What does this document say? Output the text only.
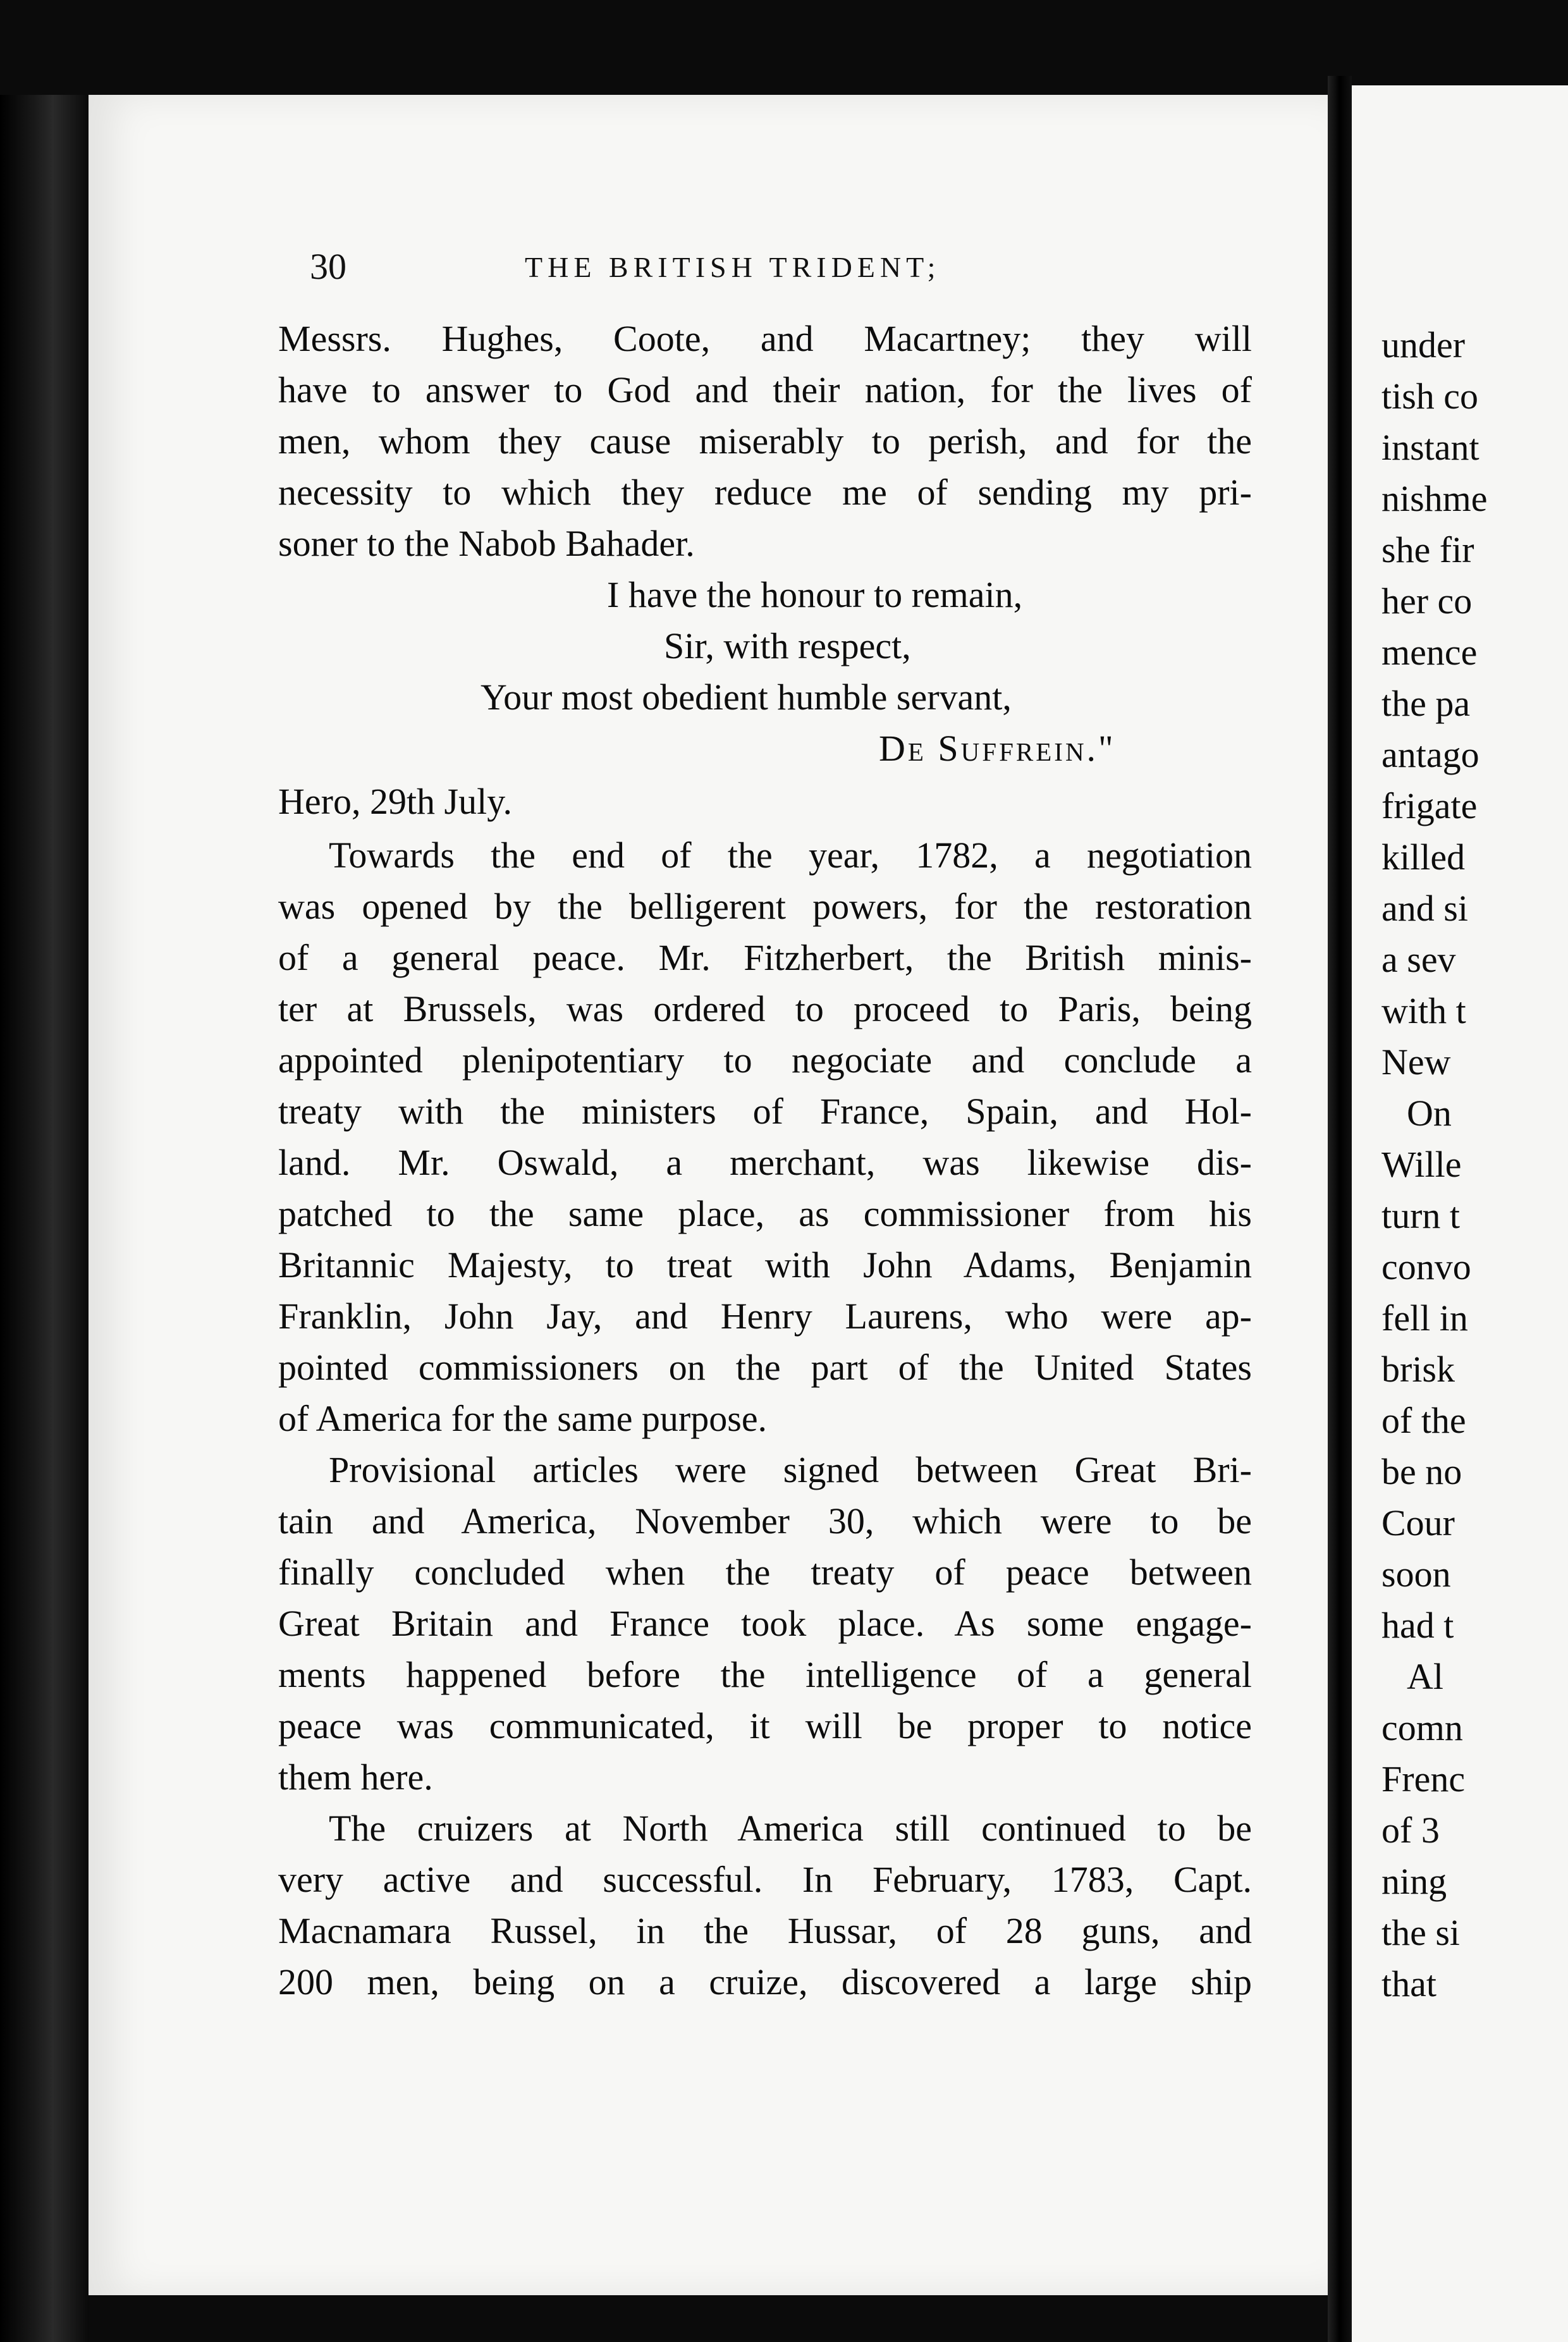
30	THE BRITISH TRIDENT;
Messrs. Hughes, Coote, and Macartney; they will
have to answer to God and their nation, for the lives of
men, whom they cause miserably to perish, and for the
necessity to which they reduce me of sending my pri-
soner to the Nabob Bahader.
I have the honour to remain,
Sir, with respect,
Your most obedient humble servant,
De Suffrein."
Hero, 29th July.
Towards the end of the year, 1782, a negotiation
was opened by the belligerent powers, for the restoration
of a general peace. Mr. Fitzherbert, the British minis-
ter at Brussels, was ordered to proceed to Paris, being
appointed plenipotentiary to negociate and conclude a
treaty with the ministers of France, Spain, and Hol-
land. Mr. Oswald, a merchant, was likewise dis-
patched to the same place, as commissioner from his
Britannic Majesty, to treat with John Adams, Benjamin
Franklin, John Jay, and Henry Laurens, who were ap-
pointed commissioners on the part of the United States
of America for the same purpose.
Provisional articles were signed between Great Bri-
tain and America, November 30, which were to be
finally concluded when the treaty of peace between
Great Britain and France took place. As some engage-
ments happened before the intelligence of a general
peace was communicated, it will be proper to notice
them here.
The cruizers at North America still continued to be
very active and successful. In February, 1783, Capt.
Macnamara Russel, in the Hussar, of 28 guns, and
200 men, being on a cruize, discovered a large ship
under
tish co
instant
nishme
she fir
her co
mence
the pa
antago
frigate
killed
and si
a sev
with t
New
On
Wille
turn t
convo
fell in
brisk
of the
be no
Cour
soon
had t
Al
comn
Frenc
of 3
ning
the si
that
